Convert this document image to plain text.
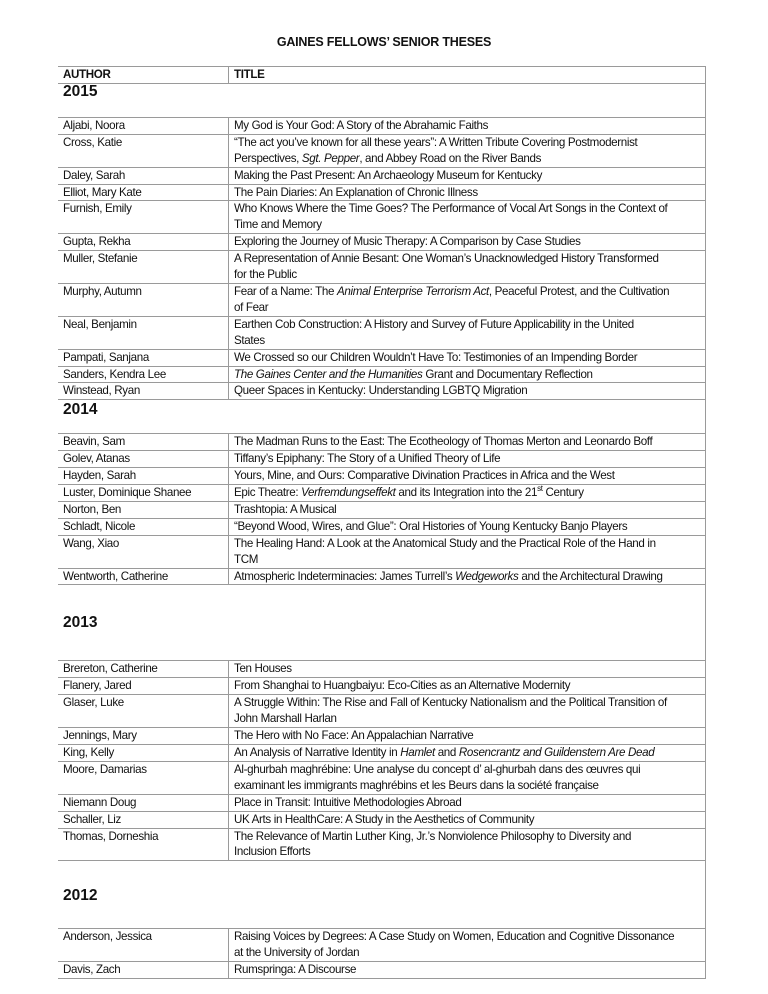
GAINES FELLOWS’ SENIOR THESES
AUTHOR	TITLE
2015	
Aljabi, Noora	My God is Your God: A Story of the Abrahamic Faiths
Cross, Katie	“The act you’ve known for all these years”: A Written Tribute Covering Postmodernist
Perspectives, Sgt. Pepper, and Abbey Road on the River Bands
Daley, Sarah	Making the Past Present: An Archaeology Museum for Kentucky
Elliot, Mary Kate	The Pain Diaries: An Explanation of Chronic Illness
Furnish, Emily	Who Knows Where the Time Goes? The Performance of Vocal Art Songs in the Context of
Time and Memory
Gupta, Rekha	Exploring the Journey of Music Therapy: A Comparison by Case Studies
Muller, Stefanie	A Representation of Annie Besant: One Woman’s Unacknowledged History Transformed
for the Public
Murphy, Autumn	Fear of a Name: The Animal Enterprise Terrorism Act, Peaceful Protest, and the Cultivation
of Fear
Neal, Benjamin	Earthen Cob Construction: A History and Survey of Future Applicability in the United
States
Pampati, Sanjana	We Crossed so our Children Wouldn’t Have To: Testimonies of an Impending Border
Sanders, Kendra Lee	The Gaines Center and the Humanities Grant and Documentary Reflection
Winstead, Ryan	Queer Spaces in Kentucky: Understanding LGBTQ Migration
2014	
Beavin, Sam	The Madman Runs to the East: The Ecotheology of Thomas Merton and Leonardo Boff
Golev, Atanas	Tiffany’s Epiphany: The Story of a Unified Theory of Life
Hayden, Sarah	Yours, Mine, and Ours: Comparative Divination Practices in Africa and the West
Luster, Dominique Shanee	Epic Theatre: Verfremdungseffekt and its Integration into the 21st Century
Norton, Ben	Trashtopia: A Musical
Schladt, Nicole	“Beyond Wood, Wires, and Glue”: Oral Histories of Young Kentucky Banjo Players
Wang, Xiao	The Healing Hand: A Look at the Anatomical Study and the Practical Role of the Hand in
TCM
Wentworth, Catherine	Atmospheric Indeterminacies: James Turrell’s Wedgeworks and the Architectural Drawing
2013	
Brereton, Catherine	Ten Houses
Flanery, Jared	From Shanghai to Huangbaiyu: Eco-Cities as an Alternative Modernity
Glaser, Luke	A Struggle Within: The Rise and Fall of Kentucky Nationalism and the Political Transition of
John Marshall Harlan
Jennings, Mary	The Hero with No Face: An Appalachian Narrative
King, Kelly	An Analysis of Narrative Identity in Hamlet and Rosencrantz and Guildenstern Are Dead
Moore, Damarias	Al-ghurbah maghrébine: Une analyse du concept d’ al-ghurbah dans des œuvres qui
examinant les immigrants maghrébins et les Beurs dans la société française
Niemann Doug	Place in Transit: Intuitive Methodologies Abroad
Schaller, Liz	UK Arts in HealthCare: A Study in the Aesthetics of Community
Thomas, Dorneshia	The Relevance of Martin Luther King, Jr.’s Nonviolence Philosophy to Diversity and
Inclusion Efforts
2012	
Anderson, Jessica	Raising Voices by Degrees: A Case Study on Women, Education and Cognitive Dissonance
at the University of Jordan
Davis, Zach	Rumspringa: A Discourse
